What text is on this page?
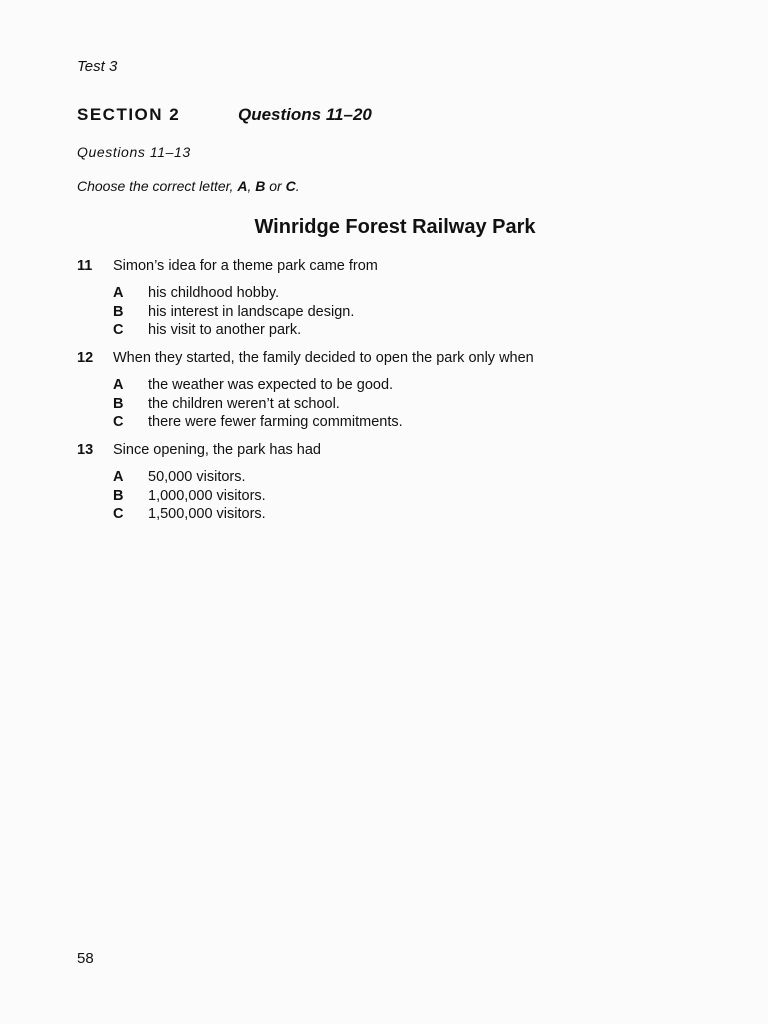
Test 3
SECTION 2	Questions 11–20
Questions 11–13
Choose the correct letter, A, B or C.
Winridge Forest Railway Park
11 Simon’s idea for a theme park came from
A his childhood hobby.
B his interest in landscape design.
C his visit to another park.
12 When they started, the family decided to open the park only when
A the weather was expected to be good.
B the children weren’t at school.
C there were fewer farming commitments.
13 Since opening, the park has had
A 50,000 visitors.
B 1,000,000 visitors.
C 1,500,000 visitors.
58
